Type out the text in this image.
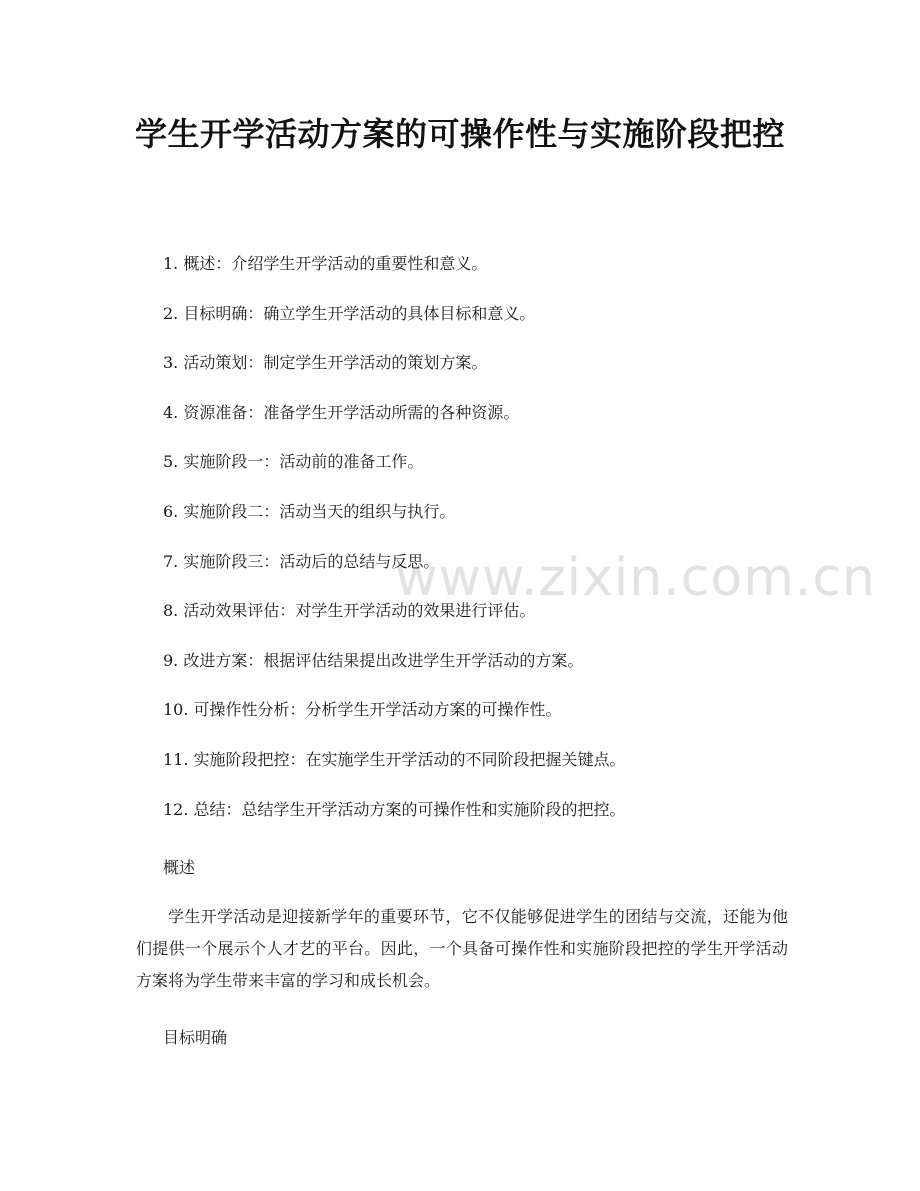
www.zixin.com.cn
学生开学活动方案的可操作性与实施阶段把控
1. 概述：介绍学生开学活动的重要性和意义。
2. 目标明确：确立学生开学活动的具体目标和意义。
3. 活动策划：制定学生开学活动的策划方案。
4. 资源准备：准备学生开学活动所需的各种资源。
5. 实施阶段一：活动前的准备工作。
6. 实施阶段二：活动当天的组织与执行。
7. 实施阶段三：活动后的总结与反思。
8. 活动效果评估：对学生开学活动的效果进行评估。
9. 改进方案：根据评估结果提出改进学生开学活动的方案。
10. 可操作性分析：分析学生开学活动方案的可操作性。
11. 实施阶段把控：在实施学生开学活动的不同阶段把握关键点。
12. 总结：总结学生开学活动方案的可操作性和实施阶段的把控。
概述
学生开学活动是迎接新学年的重要环节，它不仅能够促进学生的团结与交流，还能为他们提供一个展示个人才艺的平台。因此，一个具备可操作性和实施阶段把控的学生开学活动方案将为学生带来丰富的学习和成长机会。
目标明确
